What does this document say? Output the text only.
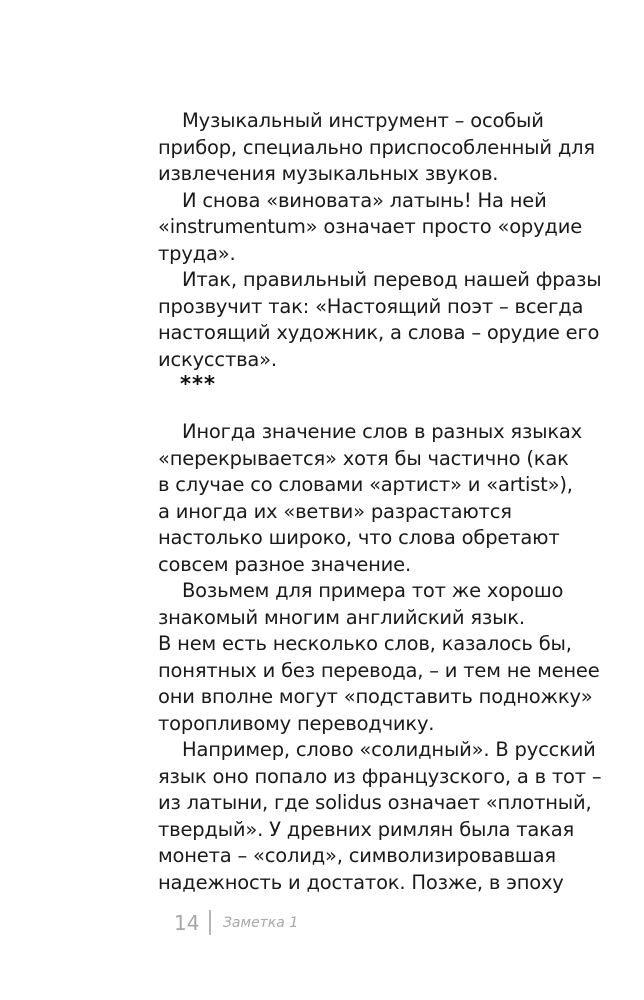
Музыкальный инструмент – особый
прибор, специально приспособленный для
извлечения музыкальных звуков.

И снова «виновата» латынь! На ней
«instrumentum» означает просто «орудие
труда».

Итак, правильный перевод нашей фразы
прозвучит так: «Настоящий поэт – всегда
настоящий художник, а слова – орудие его
искусства».

***

Иногда значение слов в разных языках
«перекрывается» хотя бы частично (как
в случае со словами «артист» и «artist»),
а иногда их «ветви» разрастаются
настолько широко, что слова обретают
совсем разное значение.

Возьмем для примера тот же хорошо
знакомый многим английский язык.
В нем есть несколько слов, казалось бы,
понятных и без перевода, – и тем не менее
они вполне могут «подставить подножку»
торопливому переводчику.

Например, слово «солидный». В русский
язык оно попало из французского, а в тот –
из латыни, где solidus означает «плотный,
твердый». У древних римлян была такая
монета – «солид», символизировавшая
надежность и достаток. Позже, в эпоху

14 Заметка 1
